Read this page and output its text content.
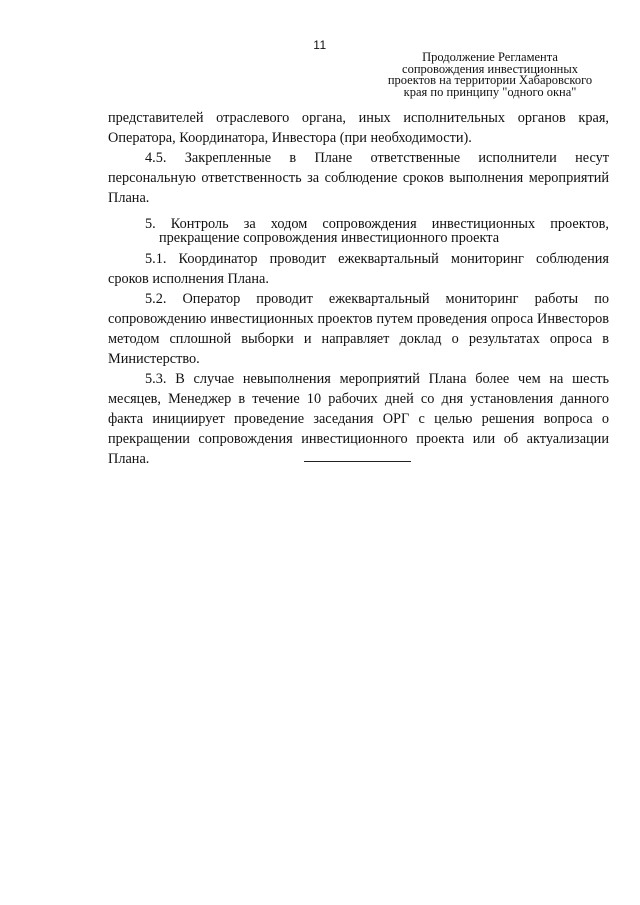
11
Продолжение Регламента
сопровождения инвестиционных
проектов на территории Хабаровского
края по принципу "одного окна"

представителей отраслевого органа, иных исполнительных органов края, Оператора, Координатора, Инвестора (при необходимости).

4.5. Закрепленные в Плане ответственные исполнители несут персональную ответственность за соблюдение сроков выполнения мероприятий Плана.

5. Контроль за ходом сопровождения инвестиционных проектов,
прекращение сопровождения инвестиционного проекта

5.1. Координатор проводит ежеквартальный мониторинг соблюдения сроков исполнения Плана.

5.2. Оператор проводит ежеквартальный мониторинг работы по сопровождению инвестиционных проектов путем проведения опроса Инвесторов методом сплошной выборки и направляет доклад о результатах опроса в Министерство.

5.3. В случае невыполнения мероприятий Плана более чем на шесть месяцев, Менеджер в течение 10 рабочих дней со дня установления данного факта инициирует проведение заседания ОРГ с целью решения вопроса о прекращении сопровождения инвестиционного проекта или об актуализации Плана.
